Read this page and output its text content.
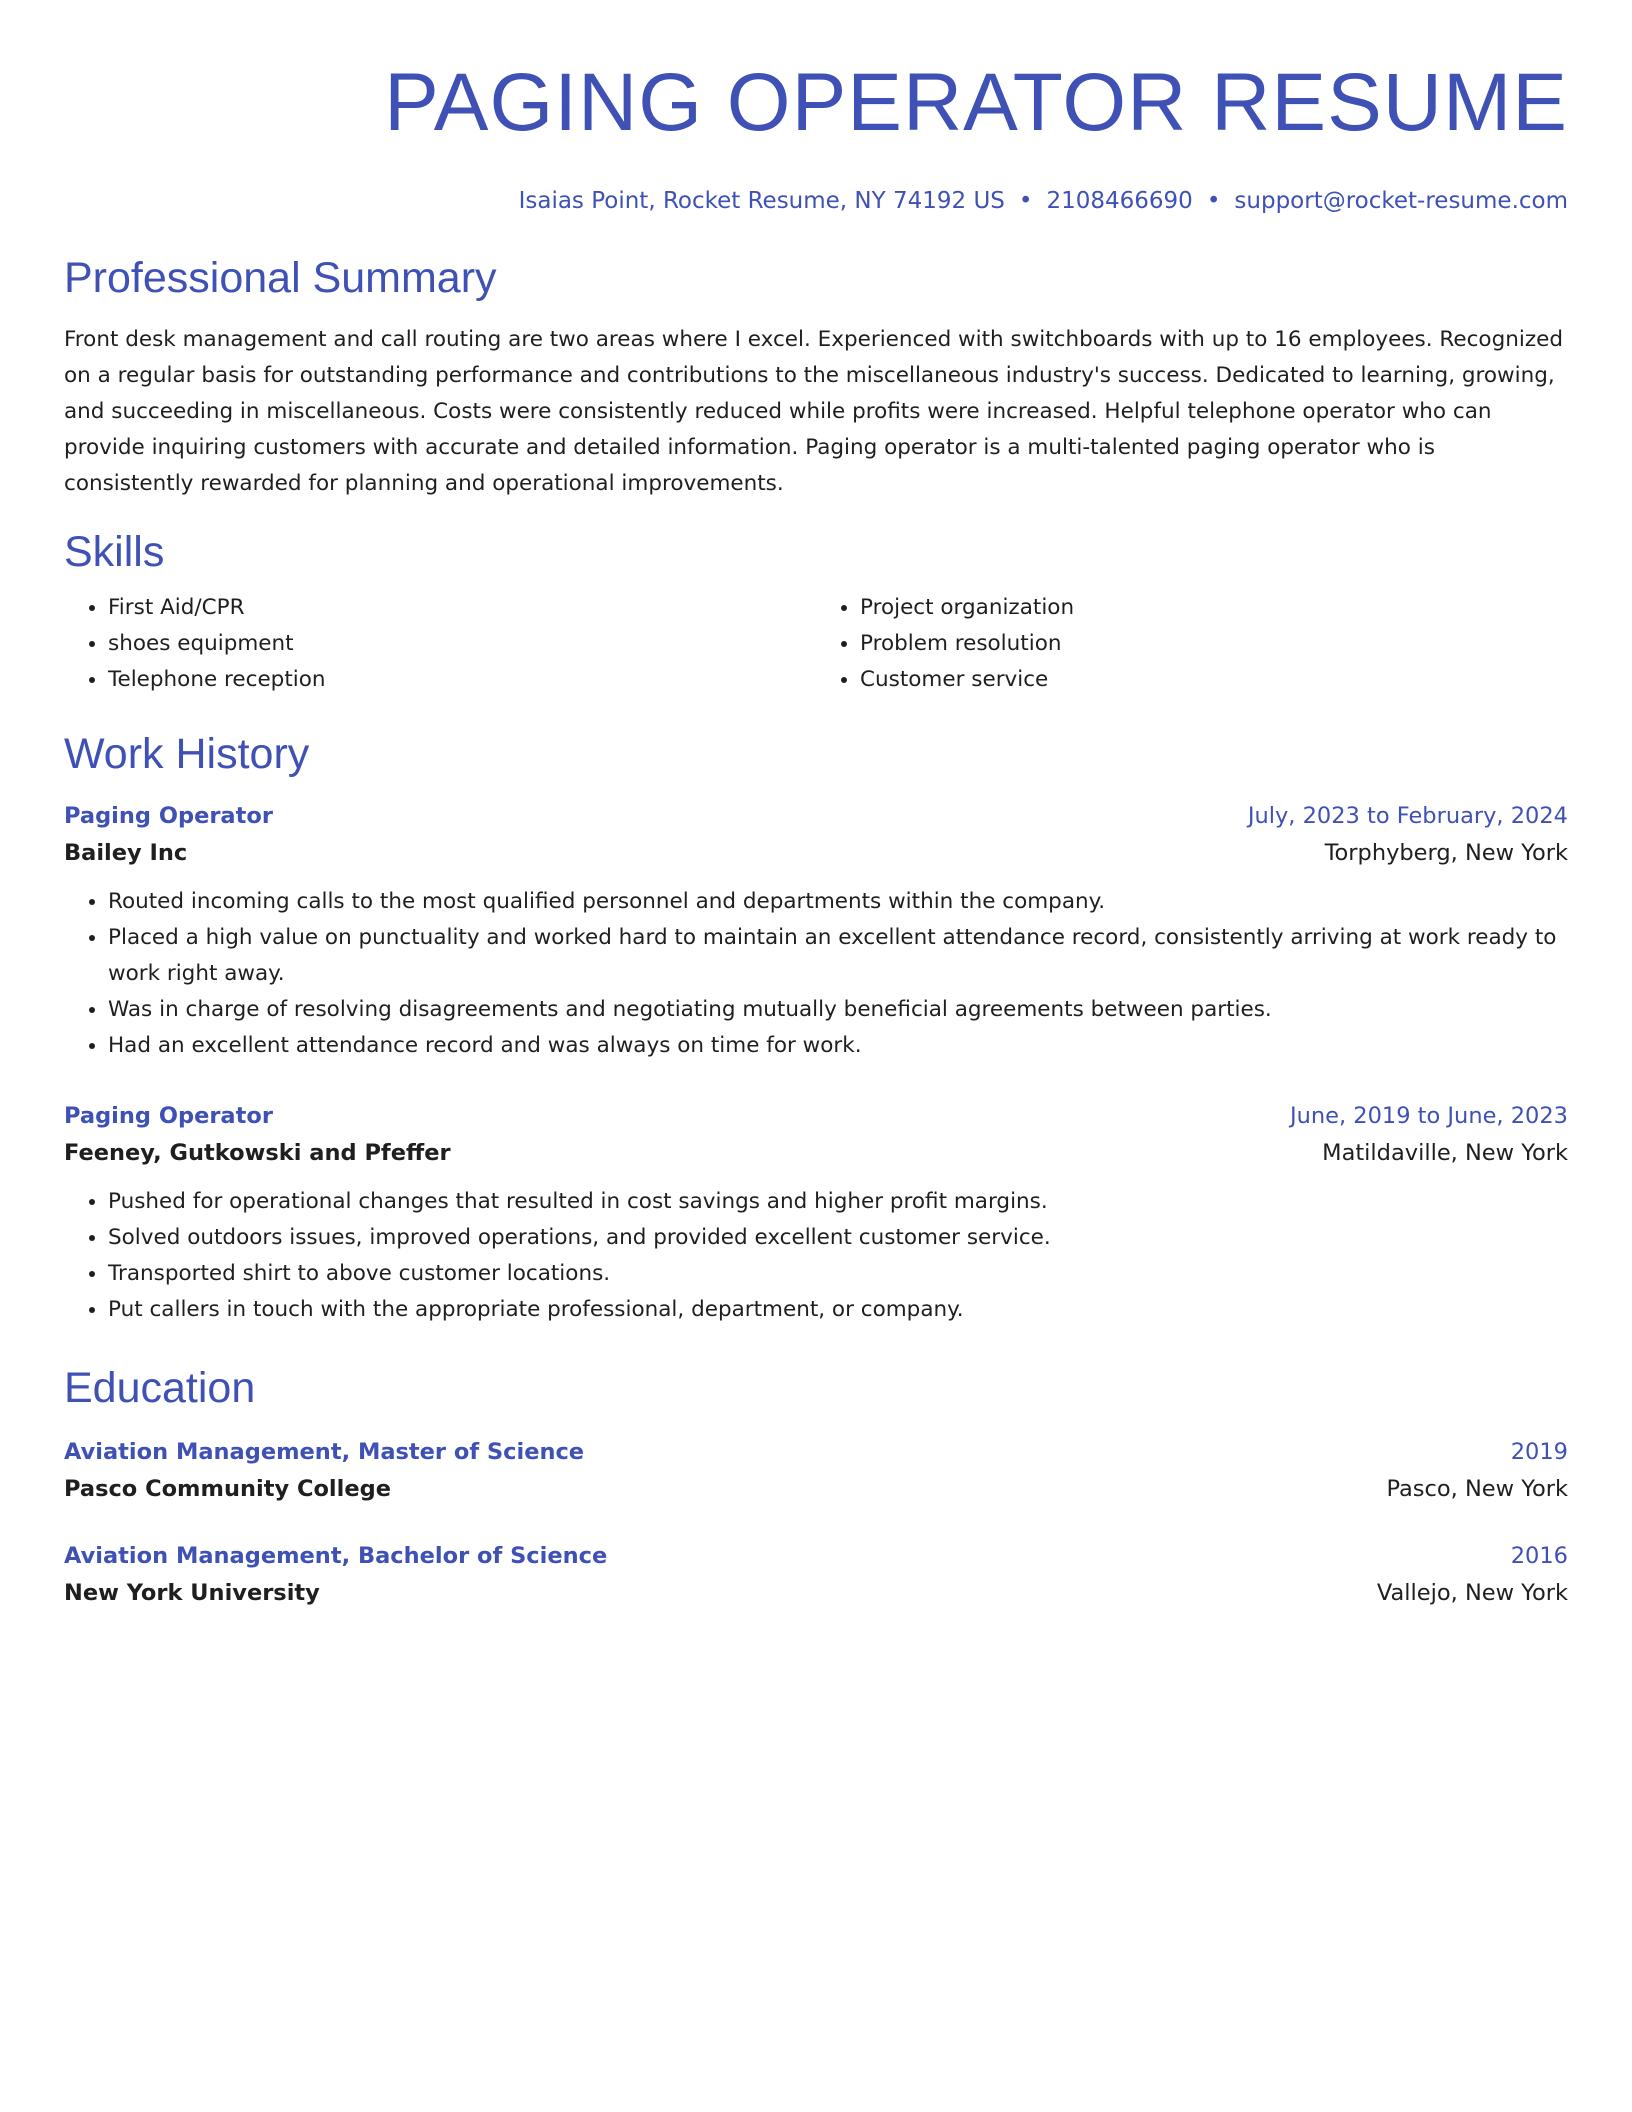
PAGING OPERATOR RESUME
Isaias Point, Rocket Resume, NY 74192 US • 2108466690 • support@rocket-resume.com
Professional Summary

Front desk management and call routing are two areas where I excel. Experienced with switchboards with up to 16 employees. Recognized on a regular basis for outstanding performance and contributions to the miscellaneous industry's success. Dedicated to learning, growing, and succeeding in miscellaneous. Costs were consistently reduced while profits were increased. Helpful telephone operator who can provide inquiring customers with accurate and detailed information. Paging operator is a multi-talented paging operator who is consistently rewarded for planning and operational improvements.

Skills
• First Aid/CPR
• shoes equipment
• Telephone reception
• Project organization
• Problem resolution
• Customer service
Work History
Paging Operator	July, 2023 to February, 2024
Bailey Inc	Torphyberg, New York
• Routed incoming calls to the most qualified personnel and departments within the company.
• Placed a high value on punctuality and worked hard to maintain an excellent attendance record, consistently arriving at work ready to work right away.
• Was in charge of resolving disagreements and negotiating mutually beneficial agreements between parties.
• Had an excellent attendance record and was always on time for work.
Paging Operator	June, 2019 to June, 2023
Feeney, Gutkowski and Pfeffer	Matildaville, New York
• Pushed for operational changes that resulted in cost savings and higher profit margins.
• Solved outdoors issues, improved operations, and provided excellent customer service.
• Transported shirt to above customer locations.
• Put callers in touch with the appropriate professional, department, or company.
Education
Aviation Management, Master of Science	2019
Pasco Community College	Pasco, New York
Aviation Management, Bachelor of Science	2016
New York University	Vallejo, New York
